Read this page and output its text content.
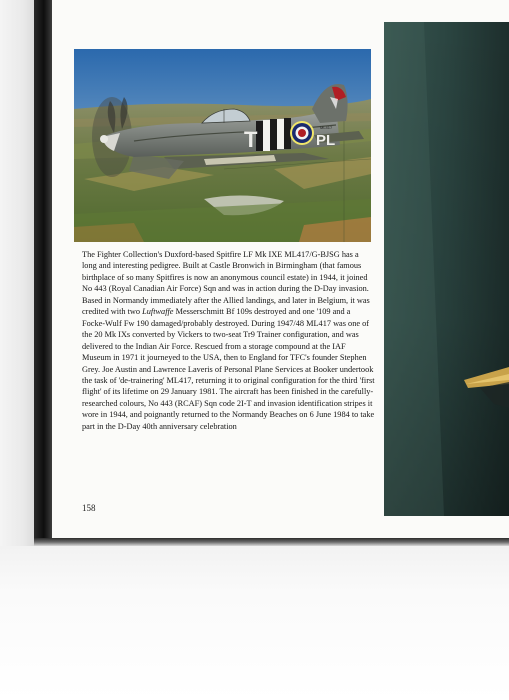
T	PL
ML417

The Fighter Collection's Duxford-based Spitfire LF Mk IXE ML417/G-BJSG has a long and interesting pedigree. Built at Castle Bronwich in Birmingham (that famous birthplace of so many Spitfires is now an anonymous council estate) in 1944, it joined No 443 (Royal Canadian Air Force) Sqn and was in action during the D-Day invasion. Based in Normandy immediately after the Allied landings, and later in Belgium, it was credited with two Luftwaffe Messerschmitt Bf 109s destroyed and one '109 and a Focke-Wulf Fw 190 damaged/probably destroyed. During 1947/48 ML417 was one of the 20 Mk IXs converted by Vickers to two-seat Tr9 Trainer configuration, and was delivered to the Indian Air Force. Rescued from a storage compound at the IAF Museum in 1971 it journeyed to the USA, then to England for TFC's founder Stephen Grey. Joe Austin and Lawrence Laveris of Personal Plane Services at Booker undertook the task of 'de-trainering' ML417, returning it to original configuration for the third 'first flight' of its lifetime on 29 January 1981. The aircraft has been finished in the carefully-researched colours, No 443 (RCAF) Sqn code 2I-T and invasion identification stripes it wore in 1944, and poignantly returned to the Normandy Beaches on 6 June 1984 to take part in the D-Day 40th anniversary celebration

158
